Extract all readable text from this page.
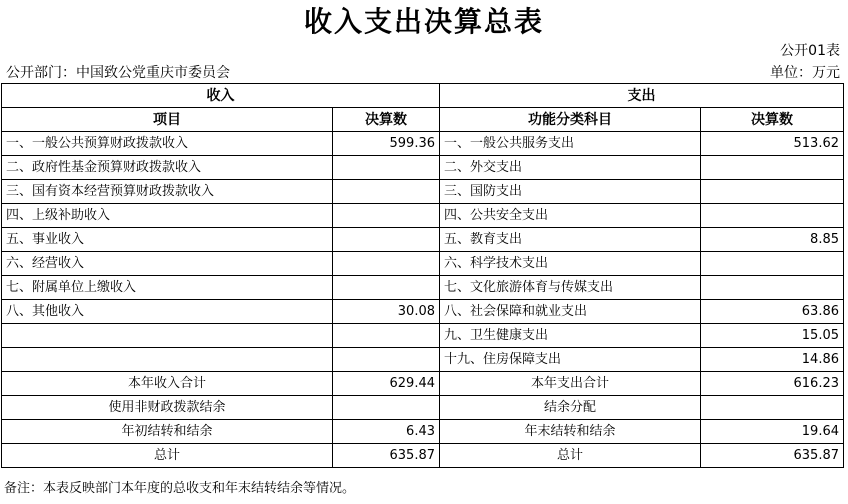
收入支出决算总表
公开01表
公开部门：中国致公党重庆市委员会	单位：万元
收入		支出	
项目	决算数	功能分类科目	决算数
一、一般公共预算财政拨款收入	599.36	一、一般公共服务支出	513.62
二、政府性基金预算财政拨款收入		二、外交支出	
三、国有资本经营预算财政拨款收入		三、国防支出	
四、上级补助收入		四、公共安全支出	
五、事业收入		五、教育支出	8.85
六、经营收入		六、科学技术支出	
七、附属单位上缴收入		七、文化旅游体育与传媒支出	
八、其他收入	30.08	八、社会保障和就业支出	63.86
		九、卫生健康支出	15.05
		十九、住房保障支出	14.86
本年收入合计	629.44	本年支出合计	616.23
使用非财政拨款结余		结余分配	
年初结转和结余	6.43	年末结转和结余	19.64
总计	635.87	总计	635.87
备注：本表反映部门本年度的总收支和年末结转结余等情况。
